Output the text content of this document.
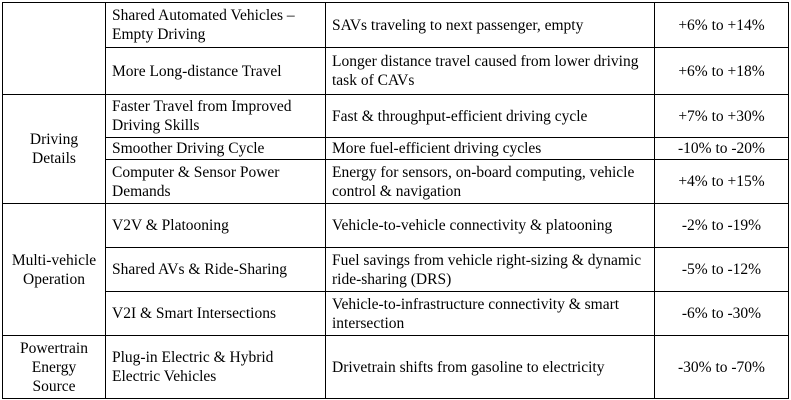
	Shared Automated Vehicles – Empty Driving	SAVs traveling to next passenger, empty	+6% to +14%
	More Long-distance Travel	Longer distance travel caused from lower driving task of CAVs	+6% to +18%
Driving Details	Faster Travel from Improved Driving Skills	Fast & throughput-efficient driving cycle	+7% to +30%
	Smoother Driving Cycle	More fuel-efficient driving cycles	-10% to -20%
	Computer & Sensor Power Demands	Energy for sensors, on-board computing, vehicle control & navigation	+4% to +15%
Multi-vehicle Operation	V2V & Platooning	Vehicle-to-vehicle connectivity & platooning	-2% to -19%
	Shared AVs & Ride-Sharing	Fuel savings from vehicle right-sizing & dynamic ride-sharing (DRS)	-5% to -12%
	V2I & Smart Intersections	Vehicle-to-infrastructure connectivity & smart intersection	-6% to -30%
Powertrain Energy Source	Plug-in Electric & Hybrid Electric Vehicles	Drivetrain shifts from gasoline to electricity	-30% to -70%
